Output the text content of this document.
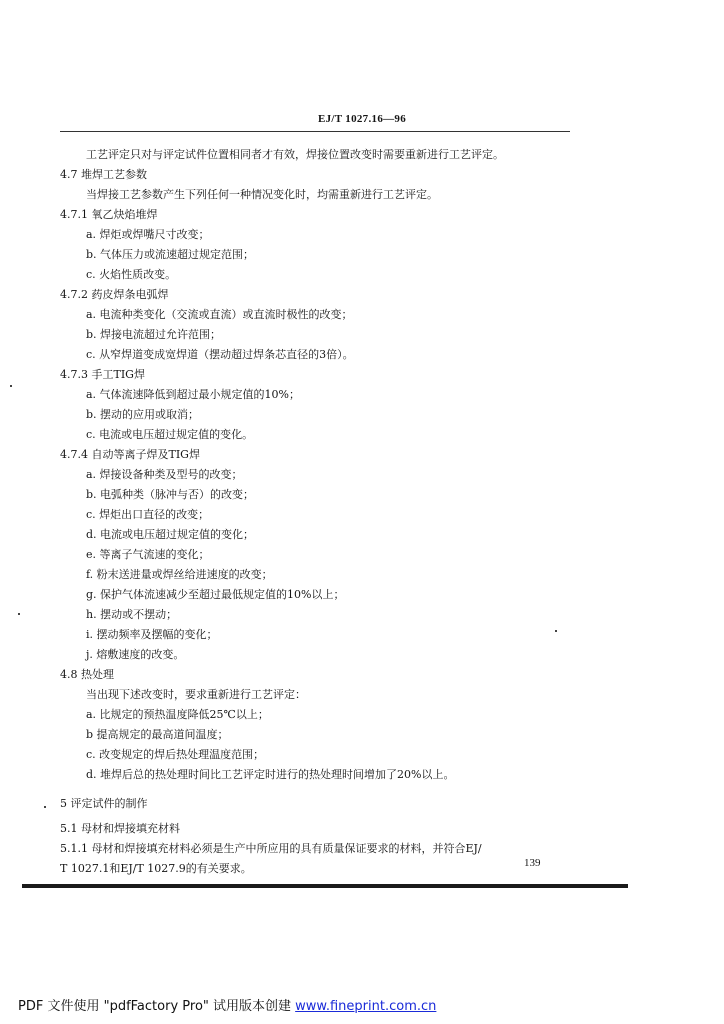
EJ/T 1027.16—96
工艺评定只对与评定试件位置相同者才有效，焊接位置改变时需要重新进行工艺评定。
4.7 堆焊工艺参数
当焊接工艺参数产生下列任何一种情况变化时，均需重新进行工艺评定。
4.7.1 氧乙炔焰堆焊
a. 焊炬或焊嘴尺寸改变；
b. 气体压力或流速超过规定范围；
c. 火焰性质改变。
4.7.2 药皮焊条电弧焊
a. 电流种类变化（交流或直流）或直流时极性的改变；
b. 焊接电流超过允许范围；
c. 从窄焊道变成宽焊道（摆动超过焊条芯直径的3倍）。
4.7.3 手工TIG焊
a. 气体流速降低到超过最小规定值的10%；
b. 摆动的应用或取消；
c. 电流或电压超过规定值的变化。
4.7.4 自动等离子焊及TIG焊
a. 焊接设备种类及型号的改变；
b. 电弧种类（脉冲与否）的改变；
c. 焊炬出口直径的改变；
d. 电流或电压超过规定值的变化；
e. 等离子气流速的变化；
f. 粉末送进量或焊丝给进速度的改变；
g. 保护气体流速减少至超过最低规定值的10%以上；
h. 摆动或不摆动；
i. 摆动频率及摆幅的变化；
j. 熔敷速度的改变。
4.8 热处理
当出现下述改变时，要求重新进行工艺评定：
a. 比规定的预热温度降低25℃以上；
b 提高规定的最高道间温度；
c. 改变规定的焊后热处理温度范围；
d. 堆焊后总的热处理时间比工艺评定时进行的热处理时间增加了20%以上。
5 评定试件的制作
5.1 母材和焊接填充材料
5.1.1 母材和焊接填充材料必须是生产中所应用的具有质量保证要求的材料，并符合EJ/
T 1027.1和EJ/T 1027.9的有关要求。	139
PDF 文件使用 "pdfFactory Pro" 试用版本创建 www.fineprint.com.cn
